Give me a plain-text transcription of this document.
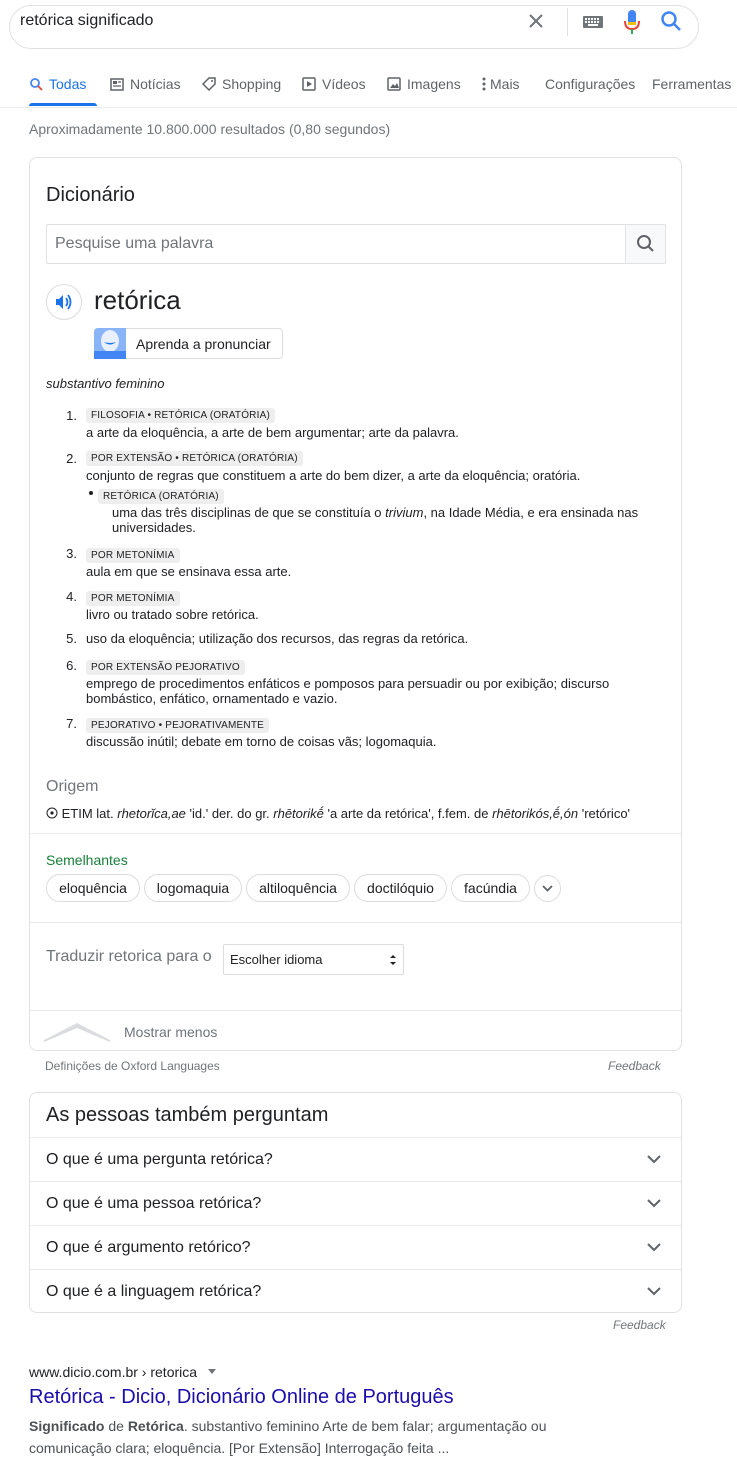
retórica significado
Todas	Notícias	Shopping	Vídeos	Imagens Mais Configurações Ferramentas
Aproximadamente 10.800.000 resultados (0,80 segundos)
Dicionário
Pesquise uma palavra
retórica
Aprenda a pronunciar
substantivo feminino
1.	FILOSOFIA • RETÓRICA (ORATÓRIA)
a arte da eloquência, a arte de bem argumentar; arte da palavra.
2.	POR EXTENSÃO • RETÓRICA (ORATÓRIA)
conjunto de regras que constituem a arte do bem dizer, a arte da eloquência; oratória.
RETÓRICA (ORATÓRIA)
uma das três disciplinas de que se constituía o trivium, na Idade Média, e era ensinada nas
universidades.
3.	POR METONÍMIA
aula em que se ensinava essa arte.
4.	POR METONÍMIA
livro ou tratado sobre retórica.
5. uso da eloquência; utilização dos recursos, das regras da retórica.
6.	POR EXTENSÃO PEJORATIVO
emprego de procedimentos enfáticos e pomposos para persuadir ou por exibição; discurso
bombástico, enfático, ornamentado e vazio.
7.	PEJORATIVO • PEJORATIVAMENTE
discussão inútil; debate em torno de coisas vãs; logomaquia.
Origem
ETIM lat. rhetorĭca,ae 'id.' der. do gr. rhētorikḗ 'a arte da retórica', f.fem. de rhētorikós,ḗ,ón 'retórico'
Semelhantes
eloquência	logomaquia	altiloquência	doctilóquio	facúndia
Traduzir retorica para o Escolher idioma
Mostrar menos
Definições de Oxford Languages	Feedback
As pessoas também perguntam
O que é uma pergunta retórica?
O que é uma pessoa retórica?
O que é argumento retórico?
O que é a linguagem retórica?
Feedback
www.dicio.com.br › retorica
Retórica - Dicio, Dicionário Online de Português
Significado de Retórica. substantivo feminino Arte de bem falar; argumentação ou comunicação clara; eloquência. [Por Extensão] Interrogação feita ...
